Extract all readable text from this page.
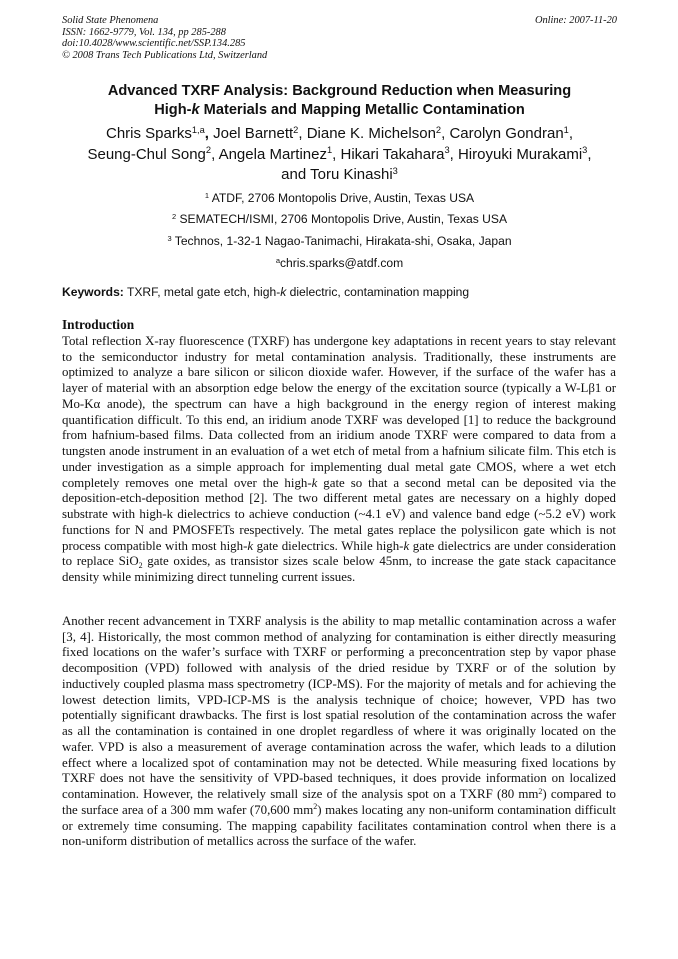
Solid State Phenomena
ISSN: 1662-9779, Vol. 134, pp 285-288
doi:10.4028/www.scientific.net/SSP.134.285
© 2008 Trans Tech Publications Ltd, Switzerland
Online: 2007-11-20

Advanced TXRF Analysis: Background Reduction when Measuring

High-k Materials and Mapping Metallic Contamination

Chris Sparks$^{1,a}$, Joel Barnett$^2$, Diane K. Michelson$^2$, Carolyn Gondran$^1$,

Seung-Chul Song$^2$, Angela Martinez$^1$, Hikari Takahara$^3$, Hiroyuki Murakami$^3$,

and Toru Kinashi$^3$

$^1$ ATDF, 2706 Montopolis Drive, Austin, Texas USA
$^2$ SEMATECH/ISMI, 2706 Montopolis Drive, Austin, Texas USA
$^3$ Technos, 1-32-1 Nagao-Tanimachi, Hirakata-shi, Osaka, Japan
$^a$chris.sparks@atdf.com
Keywords: TXRF, metal gate etch, high-k dielectric, contamination mapping
Introduction

Total reflection X-ray fluorescence (TXRF) has undergone key adaptations in recent years to stay relevant to the semiconductor industry for metal contamination analysis. Traditionally, these instruments are optimized to analyze a bare silicon or silicon dioxide wafer. However, if the surface of the wafer has a layer of material with an absorption edge below the energy of the excitation source (typically a W-Lβ1 or Mo-Kα anode), the spectrum can have a high background in the energy region of interest making quantification difficult. To this end, an iridium anode TXRF was developed [1] to reduce the background from hafnium-based films. Data collected from an iridium anode TXRF were compared to data from a tungsten anode instrument in an evaluation of a wet etch of metal from a hafnium silicate film. This etch is under investigation as a simple approach for implementing dual metal gate CMOS, where a wet etch completely removes one metal over the high-k gate so that a second metal can be deposited via the deposition-etch-deposition method [2]. The two different metal gates are necessary on a highly doped substrate with high-k dielectrics to achieve conduction (~4.1 eV) and valence band edge (~5.2 eV) work functions for N and PMOSFETs respectively. The metal gates replace the polysilicon gate which is not process compatible with most high-k gate dielectrics. While high-k gate dielectrics are under consideration to replace SiO$_2$ gate oxides, as transistor sizes scale below 45nm, to increase the gate stack capacitance density while minimizing direct tunneling current issues.

Another recent advancement in TXRF analysis is the ability to map metallic contamination across a wafer [3, 4]. Historically, the most common method of analyzing for contamination is either directly measuring fixed locations on the wafer’s surface with TXRF or performing a preconcentration step by vapor phase decomposition (VPD) followed with analysis of the dried residue by TXRF or of the solution by inductively coupled plasma mass spectrometry (ICP-MS). For the majority of metals and for achieving the lowest detection limits, VPD-ICP-MS is the analysis technique of choice; however, VPD has two potentially significant drawbacks. The first is lost spatial resolution of the contamination across the wafer as all the contamination is contained in one droplet regardless of where it was originally located on the wafer. VPD is also a measurement of average contamination across the wafer, which leads to a dilution effect where a localized spot of contamination may not be detected. While measuring fixed locations by TXRF does not have the sensitivity of VPD-based techniques, it does provide information on localized contamination. However, the relatively small size of the analysis spot on a TXRF (80 $mm^2$) compared to the surface area of a 300 mm wafer (70,600 $mm^2$) makes locating any non-uniform contamination difficult or extremely time consuming. The mapping capability facilitates contamination control when there is a non-uniform distribution of metallics across the surface of the wafer.
